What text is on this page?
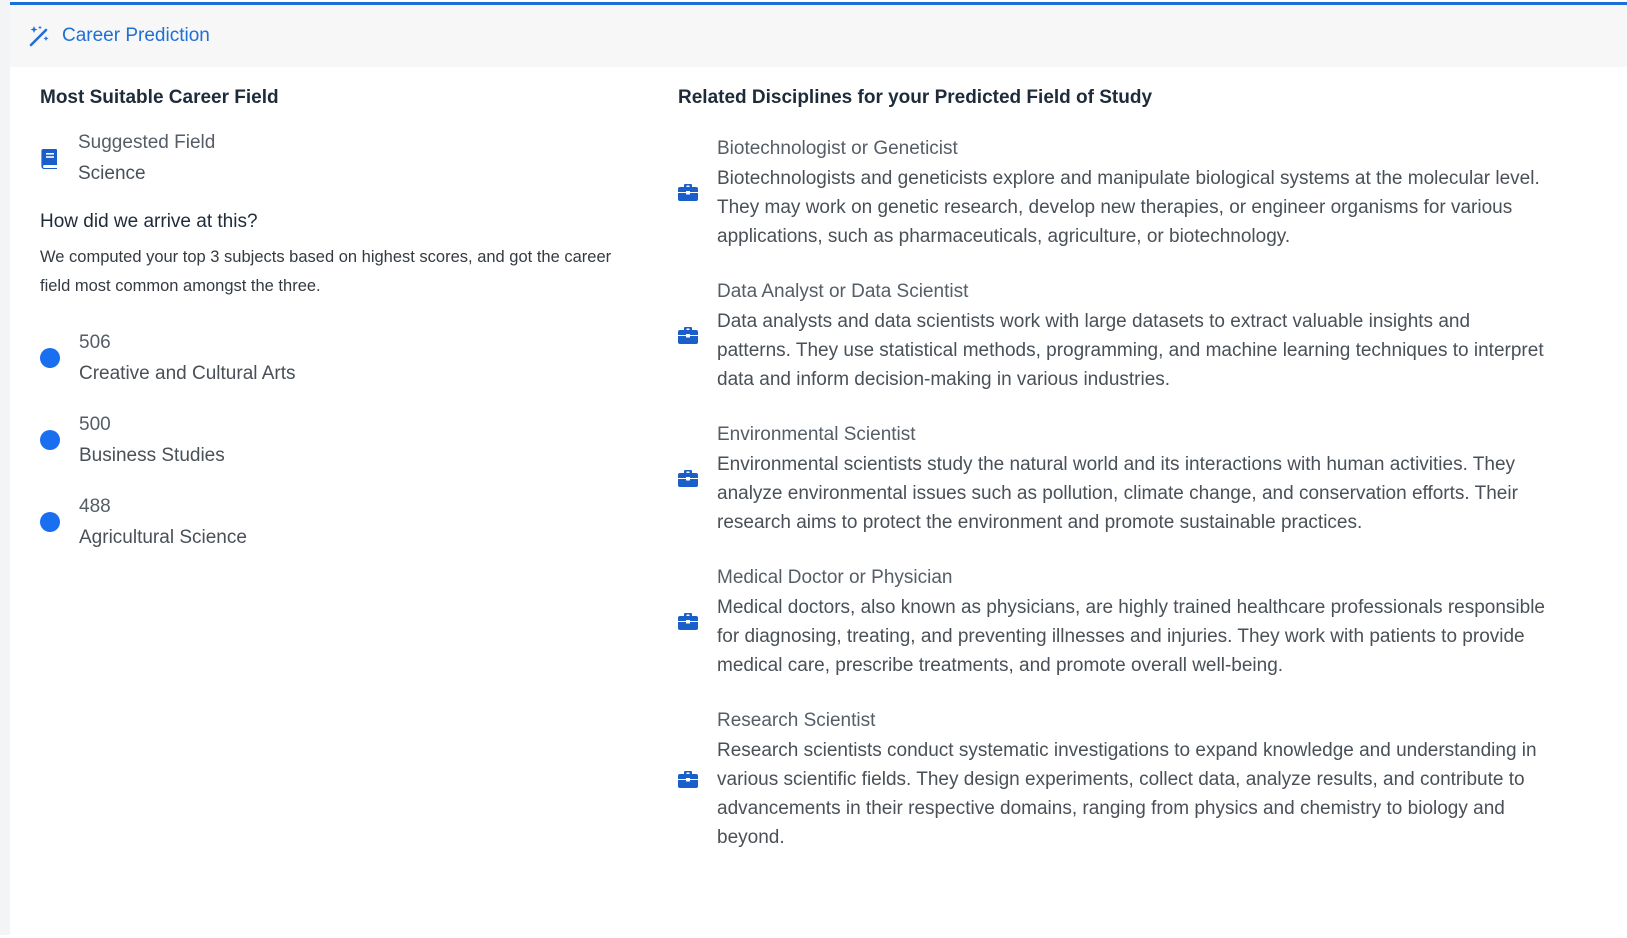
Career Prediction
Most Suitable Career Field
Suggested Field
Science
How did we arrive at this?
We computed your top 3 subjects based on highest scores, and got the career field most common amongst the three.
506
Creative and Cultural Arts
500
Business Studies
488
Agricultural Science
Related Disciplines for your Predicted Field of Study
Biotechnologist or Geneticist
Biotechnologists and geneticists explore and manipulate biological systems at the molecular level. They may work on genetic research, develop new therapies, or engineer organisms for various applications, such as pharmaceuticals, agriculture, or biotechnology.
Data Analyst or Data Scientist
Data analysts and data scientists work with large datasets to extract valuable insights and patterns. They use statistical methods, programming, and machine learning techniques to interpret data and inform decision-making in various industries.
Environmental Scientist
Environmental scientists study the natural world and its interactions with human activities. They analyze environmental issues such as pollution, climate change, and conservation efforts. Their research aims to protect the environment and promote sustainable practices.
Medical Doctor or Physician
Medical doctors, also known as physicians, are highly trained healthcare professionals responsible for diagnosing, treating, and preventing illnesses and injuries. They work with patients to provide medical care, prescribe treatments, and promote overall well-being.
Research Scientist
Research scientists conduct systematic investigations to expand knowledge and understanding in various scientific fields. They design experiments, collect data, analyze results, and contribute to advancements in their respective domains, ranging from physics and chemistry to biology and beyond.
